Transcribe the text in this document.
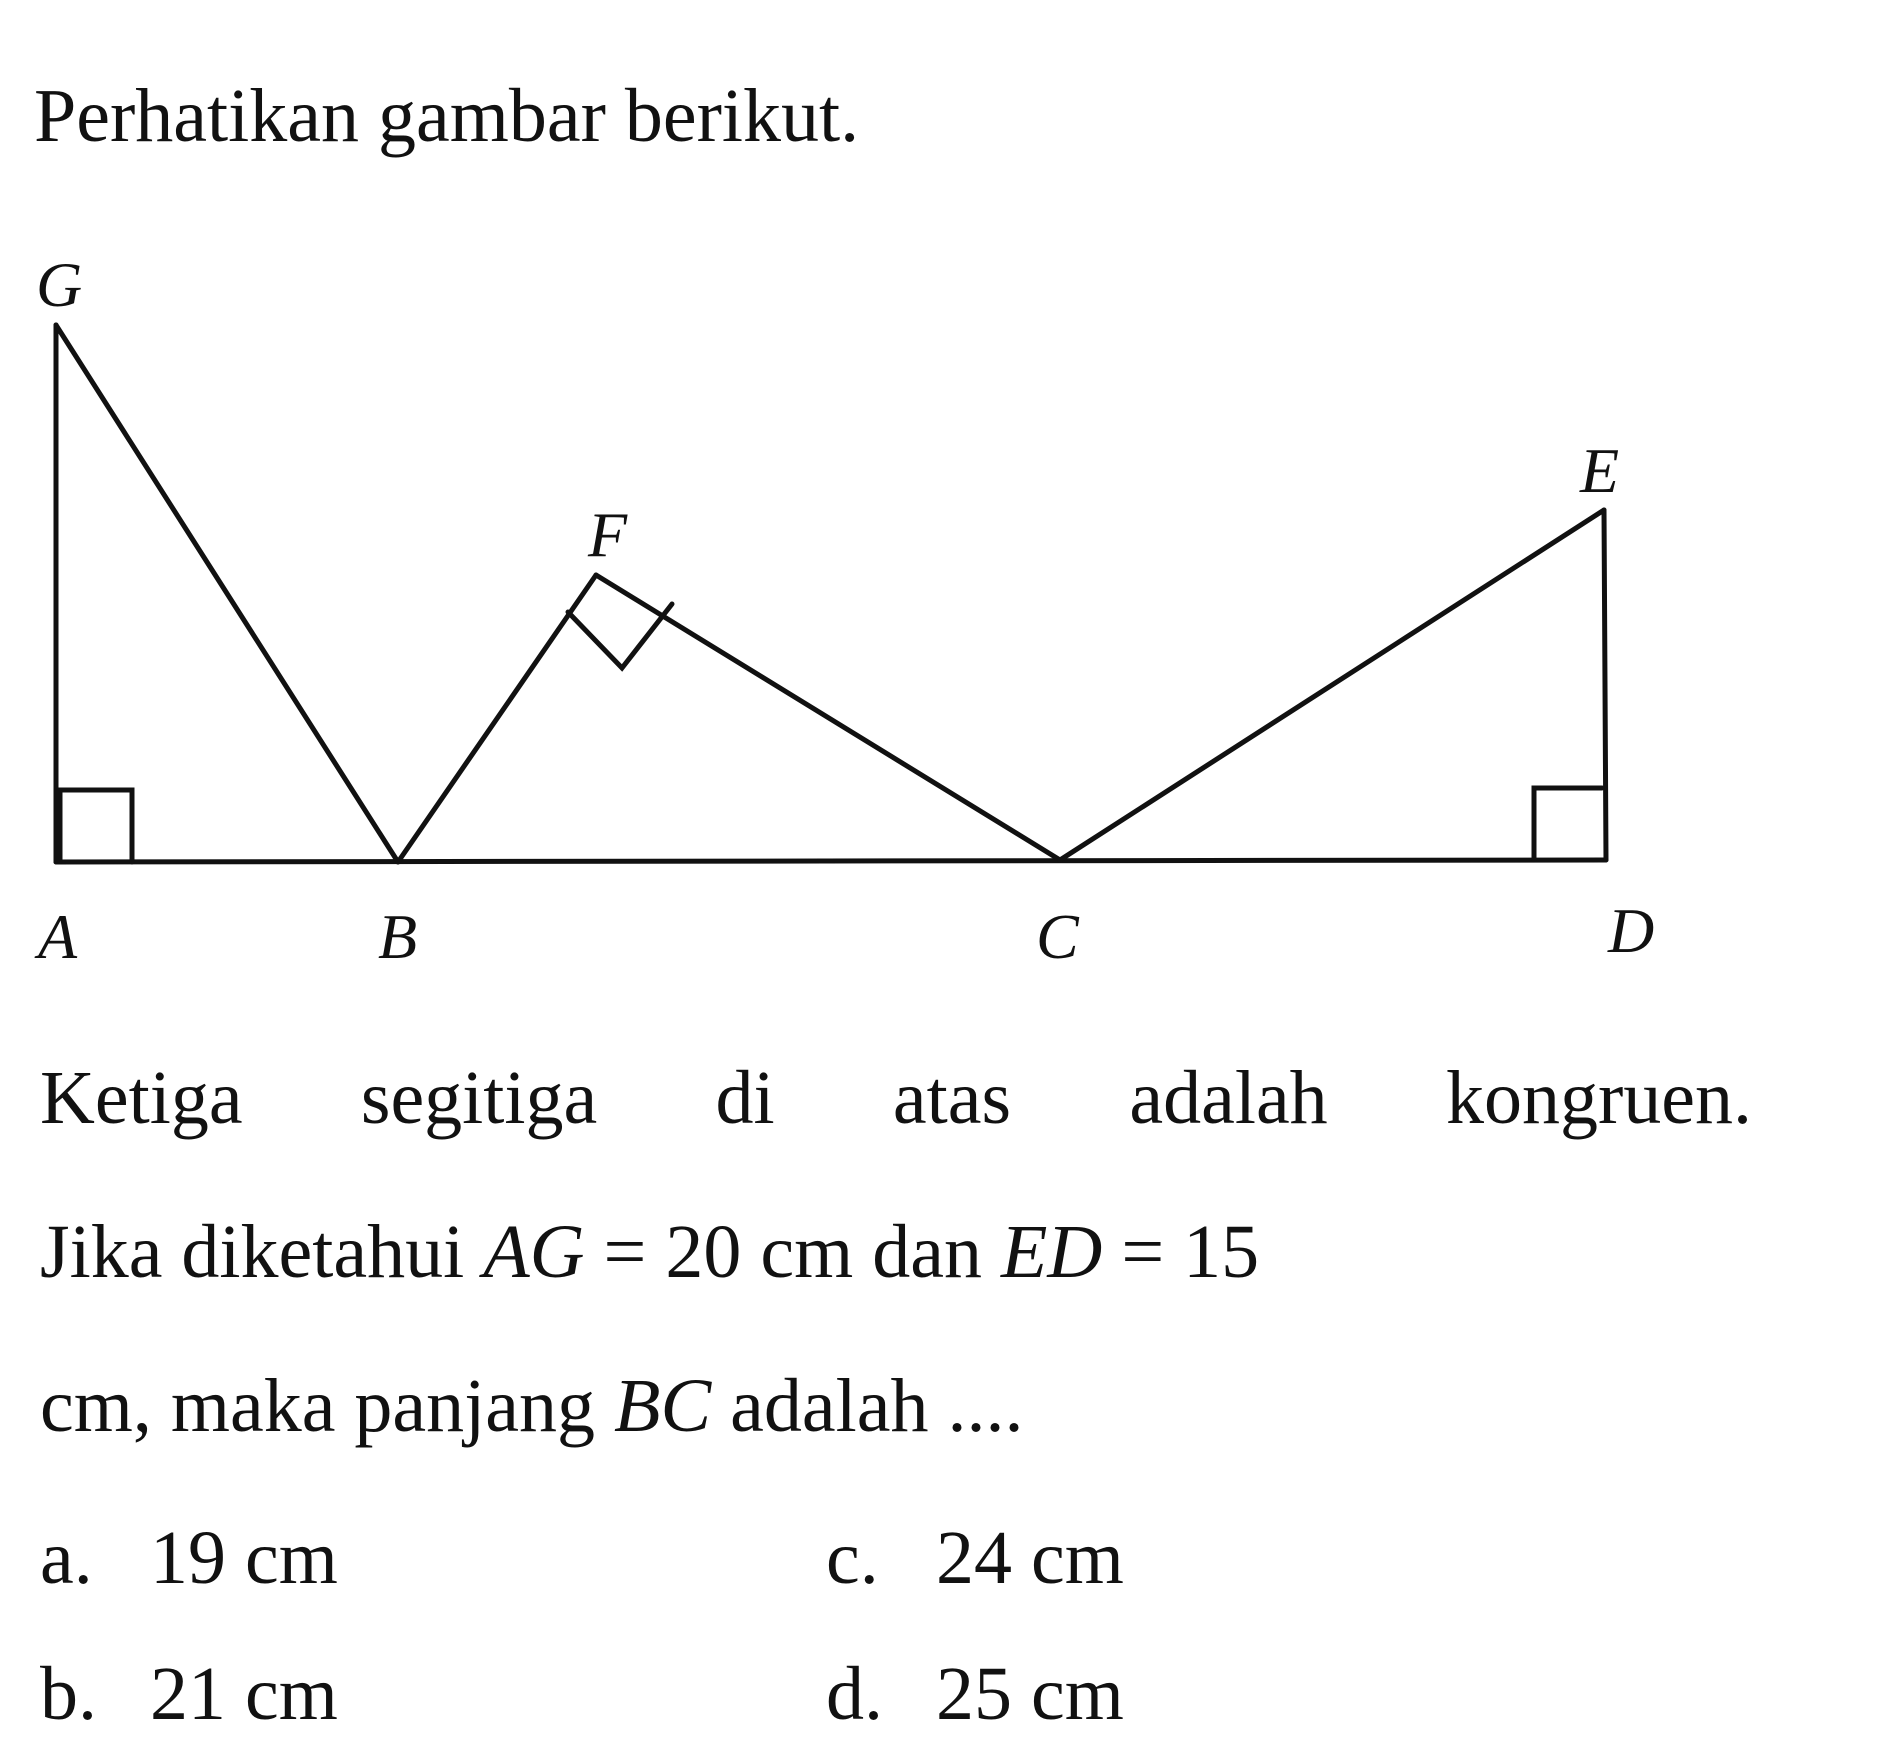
Perhatikan gambar berikut.

G
F
E
A	B	C	D
Ketiga segitiga di atas adalah kongruen.
Jika diketahui AG = 20 cm dan ED = 15
cm, maka panjang BC adalah ....
a. 19 cm
b. 21 cm
c. 24 cm
d. 25 cm
